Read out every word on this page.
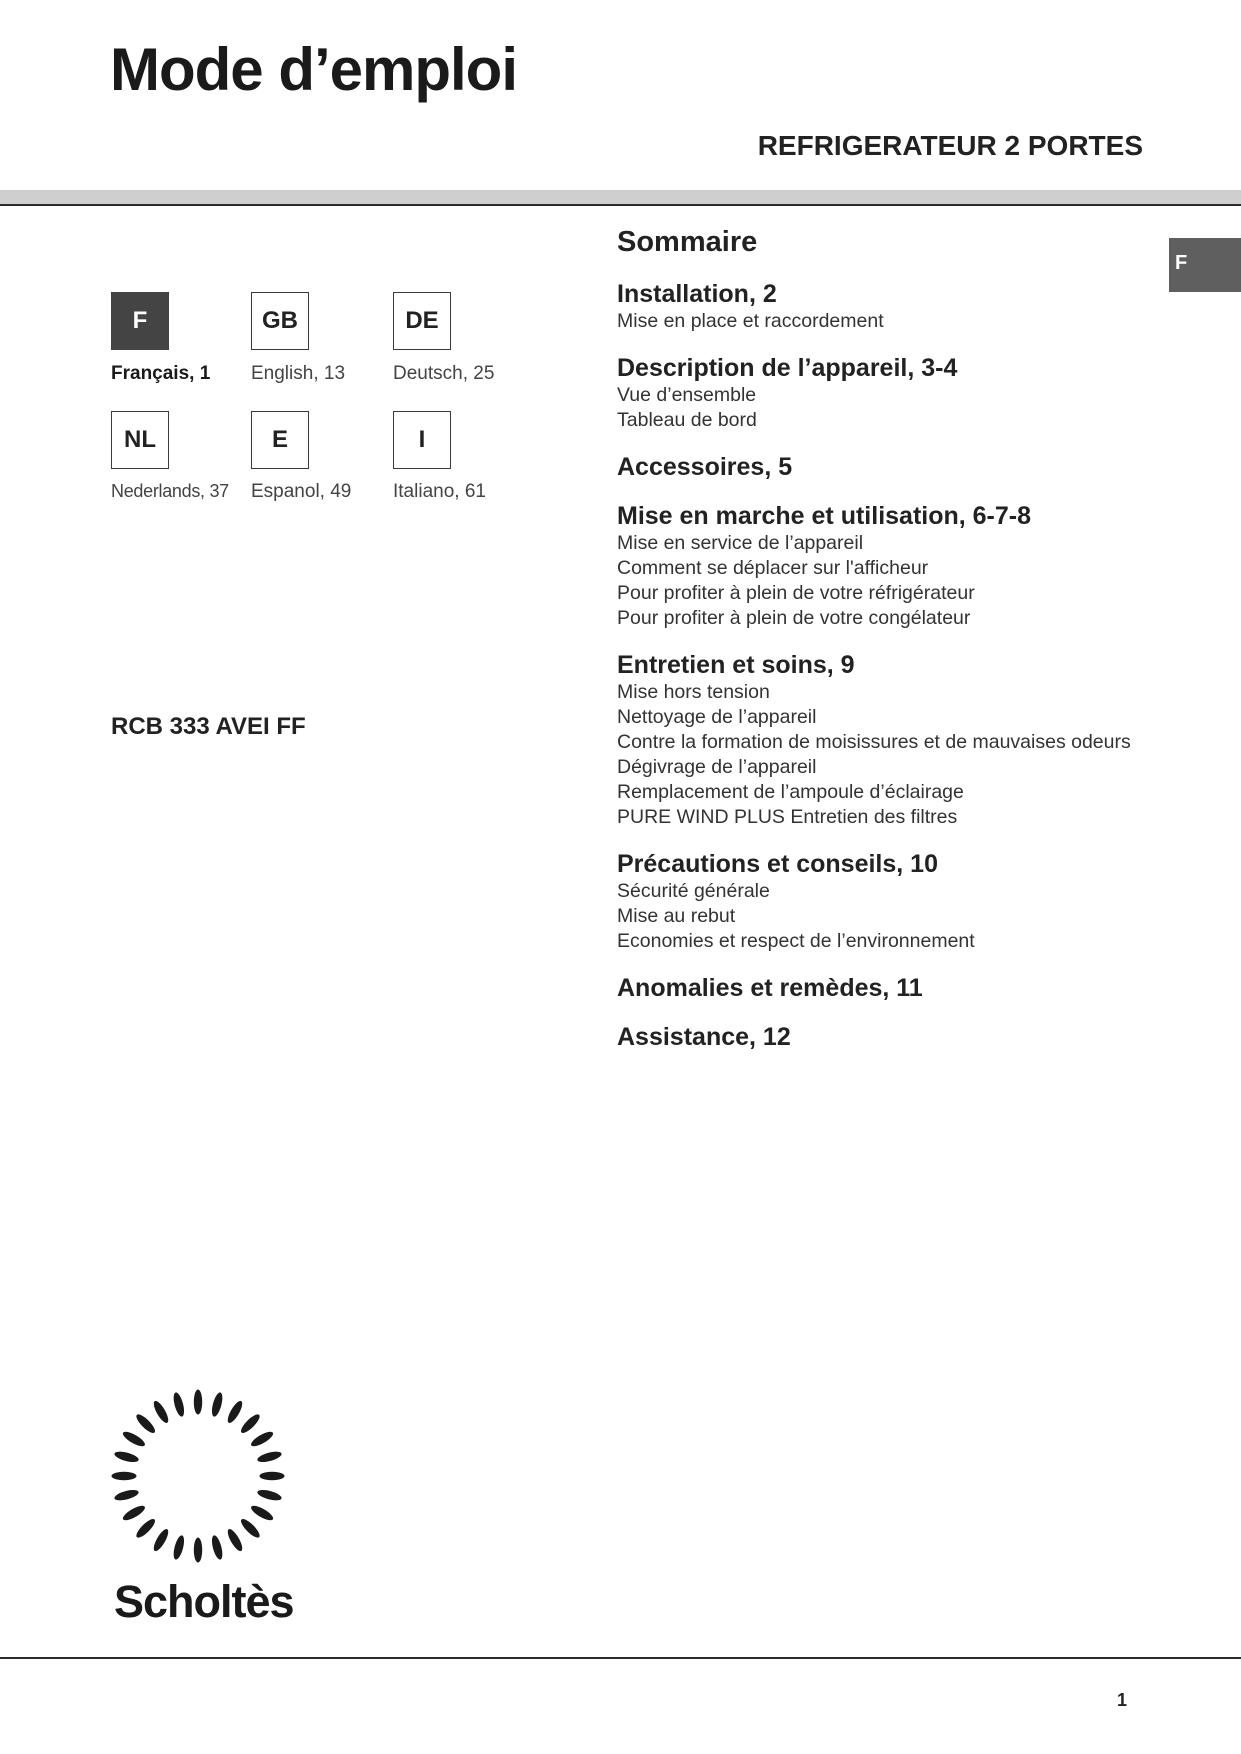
Mode d’emploi
REFRIGERATEUR 2 PORTES
F
F	GB	DE
Français, 1 English, 13	Deutsch, 25
NL	E	I
Nederlands, 37 Espanol, 49 Italiano, 61
RCB 333 AVEI FF
Sommaire
Installation, 2
Mise en place et raccordement
Description de l’appareil, 3-4
Vue d’ensemble
Tableau de bord
Accessoires, 5
Mise en marche et utilisation, 6-7-8
Mise en service de l’appareil
Comment se déplacer sur l'afficheur
Pour profiter à plein de votre réfrigérateur
Pour profiter à plein de votre congélateur
Entretien et soins, 9
Mise hors tension
Nettoyage de l’appareil
Contre la formation de moisissures et de mauvaises odeurs
Dégivrage de l’appareil
Remplacement de l’ampoule d’éclairage
PURE WIND PLUS Entretien des filtres
Précautions et conseils, 10
Sécurité générale
Mise au rebut
Economies et respect de l’environnement
Anomalies et remèdes, 11
Assistance, 12
Scholtès
1
